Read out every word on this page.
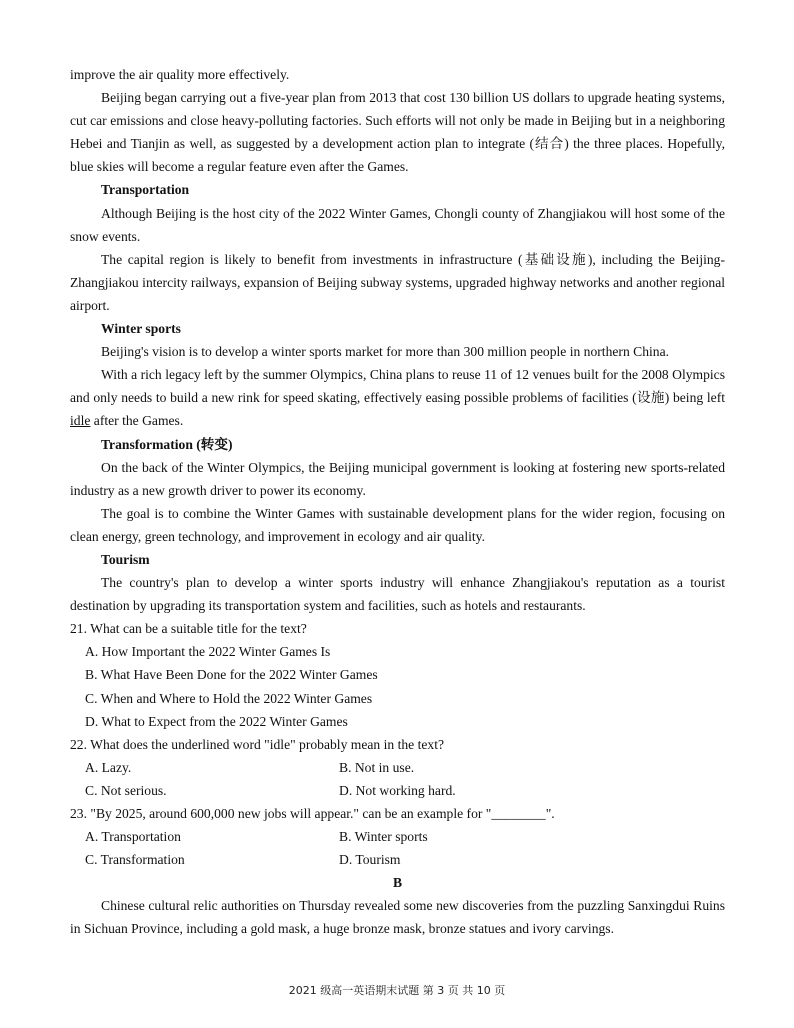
improve the air quality more effectively.

Beijing began carrying out a five-year plan from 2013 that cost 130 billion US dollars to upgrade heating systems, cut car emissions and close heavy-polluting factories. Such efforts will not only be made in Beijing but in a neighboring Hebei and Tianjin as well, as suggested by a development action plan to integrate (结合) the three places. Hopefully, blue skies will become a regular feature even after the Games.

Transportation

Although Beijing is the host city of the 2022 Winter Games, Chongli county of Zhangjiakou will host some of the snow events.

The capital region is likely to benefit from investments in infrastructure (基础设施), including the Beijing-Zhangjiakou intercity railways, expansion of Beijing subway systems, upgraded highway networks and another regional airport.

Winter sports

Beijing's vision is to develop a winter sports market for more than 300 million people in northern China.

With a rich legacy left by the summer Olympics, China plans to reuse 11 of 12 venues built for the 2008 Olympics and only needs to build a new rink for speed skating, effectively easing possible problems of facilities (设施) being left idle after the Games.

Transformation (转变)

On the back of the Winter Olympics, the Beijing municipal government is looking at fostering new sports-related industry as a new growth driver to power its economy.

The goal is to combine the Winter Games with sustainable development plans for the wider region, focusing on clean energy, green technology, and improvement in ecology and air quality.

Tourism

The country's plan to develop a winter sports industry will enhance Zhangjiakou's reputation as a tourist destination by upgrading its transportation system and facilities, such as hotels and restaurants.

21. What can be a suitable title for the text?

A. How Important the 2022 Winter Games Is

B. What Have Been Done for the 2022 Winter Games

C. When and Where to Hold the 2022 Winter Games

D. What to Expect from the 2022 Winter Games

22. What does the underlined word "idle" probably mean in the text?

A. Lazy.	B. Not in use.
C. Not serious.	D. Not working hard.

23. "By 2025, around 600,000 new jobs will appear." can be an example for "________".

A. Transportation	B. Winter sports
C. Transformation	D. Tourism

B

Chinese cultural relic authorities on Thursday revealed some new discoveries from the puzzling Sanxingdui Ruins in Sichuan Province, including a gold mask, a huge bronze mask, bronze statues and ivory carvings.

2021 级高一英语期末试题 第 3 页 共 10 页
